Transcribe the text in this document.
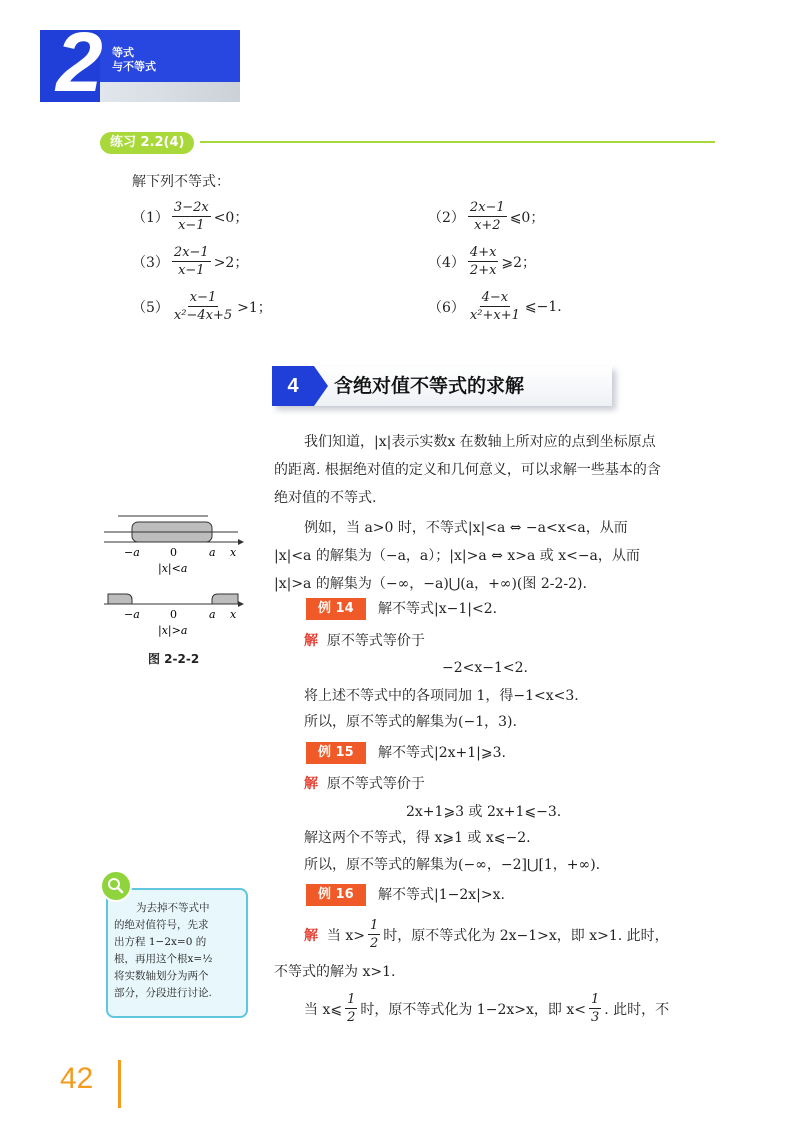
2 等式
与不等式
练习 2.2(4)
解下列不等式：
$(1) \frac{3-2x}{x-1} <0$；	$(2) \frac{2x-1}{x+2}$ ⩽0；
$(3) \frac{2x-1}{x-1} >2$；	$(4) \frac{4+x}{2+x}$ ⩾2；
$(5) \frac{x-1}{\text{x²−4x+5}} >1$；	$(6) \frac{4-x}{\text{x²+x+1}}$ ⩽−1.
4	含绝对值不等式的求解
我们知道，|x|表示实数x 在数轴上所对应的点到坐标原点
的距离. 根据绝对值的定义和几何意义，可以求解一些基本的含
绝对值的不等式.
例如，当 a>0 时，不等式|x|<a ⇔ −a<x<a，从而
|x|<a 的解集为（−a，a）；|x|>a ⇔ x>a 或 x<−a，从而
|x|>a 的解集为（−∞，−a)⋃(a，+∞)(图 2-2-2).
−a	0	a x
|x|<a
−a	0	a x
|x|>a
图 2-2-2
例 14	解不等式|x−1|<2.
解 原不等式等价于
−2<x−1<2.
将上述不等式中的各项同加 1，得−1<x<3.
所以，原不等式的解集为(−1，3).
例 15	解不等式|2x+1|⩾3.
解 原不等式等价于
2x+1⩾3 或 2x+1⩽−3.
解这两个不等式，得 x⩾1 或 x⩽−2.
所以，原不等式的解集为(−∞，−2]⋃[1，+∞).
例 16	解不等式|1−2x|>x.
解
当 $x> \frac{1}{2}$ 时，原不等式化为 2x−1>x，即 x>1. 此时，
不等式的解为 x>1.
当 x⩽ $\frac{1}{2}$ 时，原不等式化为 1−2x>x，即 $x< \frac{1}{3}$ . 此时，不
为去掉不等式中
的绝对值符号，先求
出方程 1−2x=0 的
根，再用这个根x=½
将实数轴划分为两个
部分，分段进行讨论.
42
